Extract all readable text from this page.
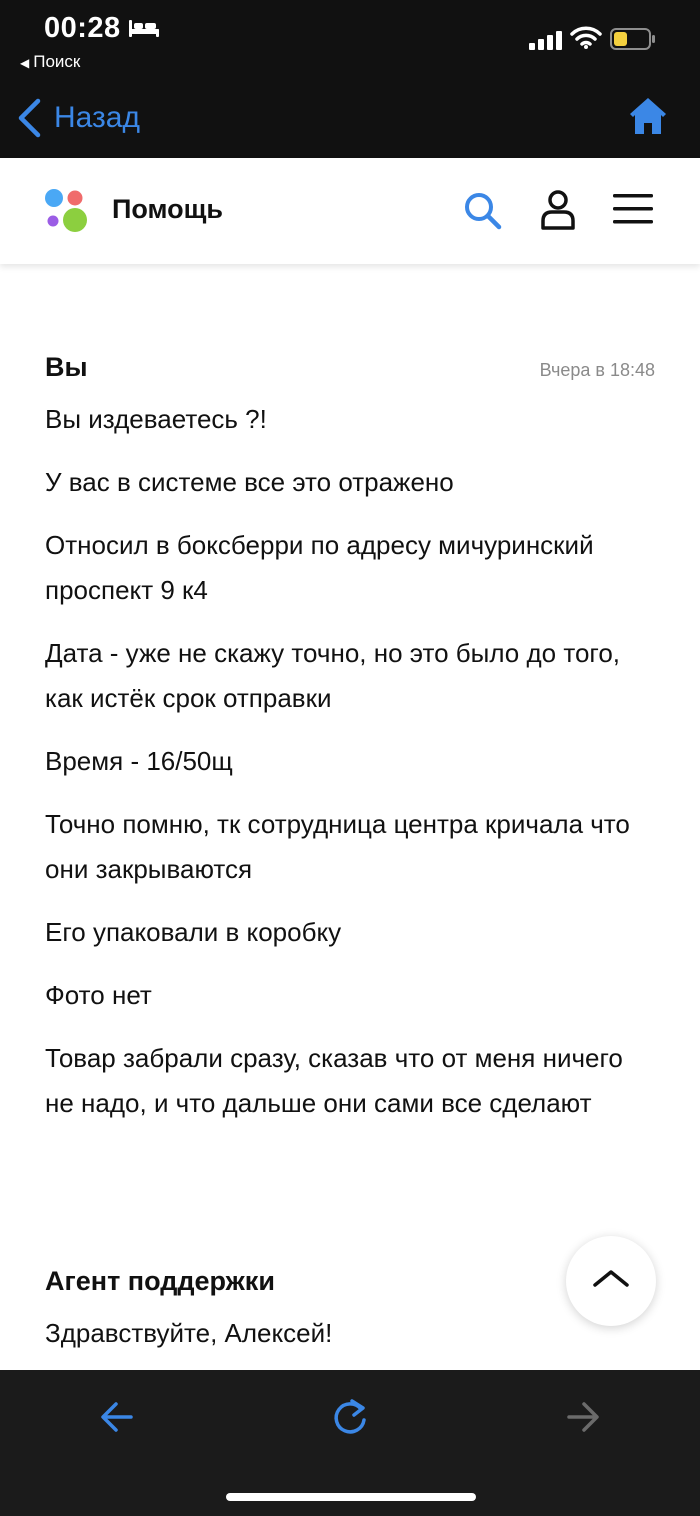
00:28
◀ Поиск
Назад
Помощь
Вы	Вчера в 18:48

Вы издеваетесь ?!

У вас в системе все это отражено

Относил в боксберри по адресу мичуринский проспект 9 к4

Дата - уже не скажу точно, но это было до того, как истёк срок отправки

Время - 16/50щ

Точно помню, тк сотрудница центра кричала что они закрываются

Его упаковали в коробку

Фото нет

Товар забрали сразу, сказав что от меня ничего не надо, и что дальше они сами все сделают

Агент поддержки

Здравствуйте, Алексей!
